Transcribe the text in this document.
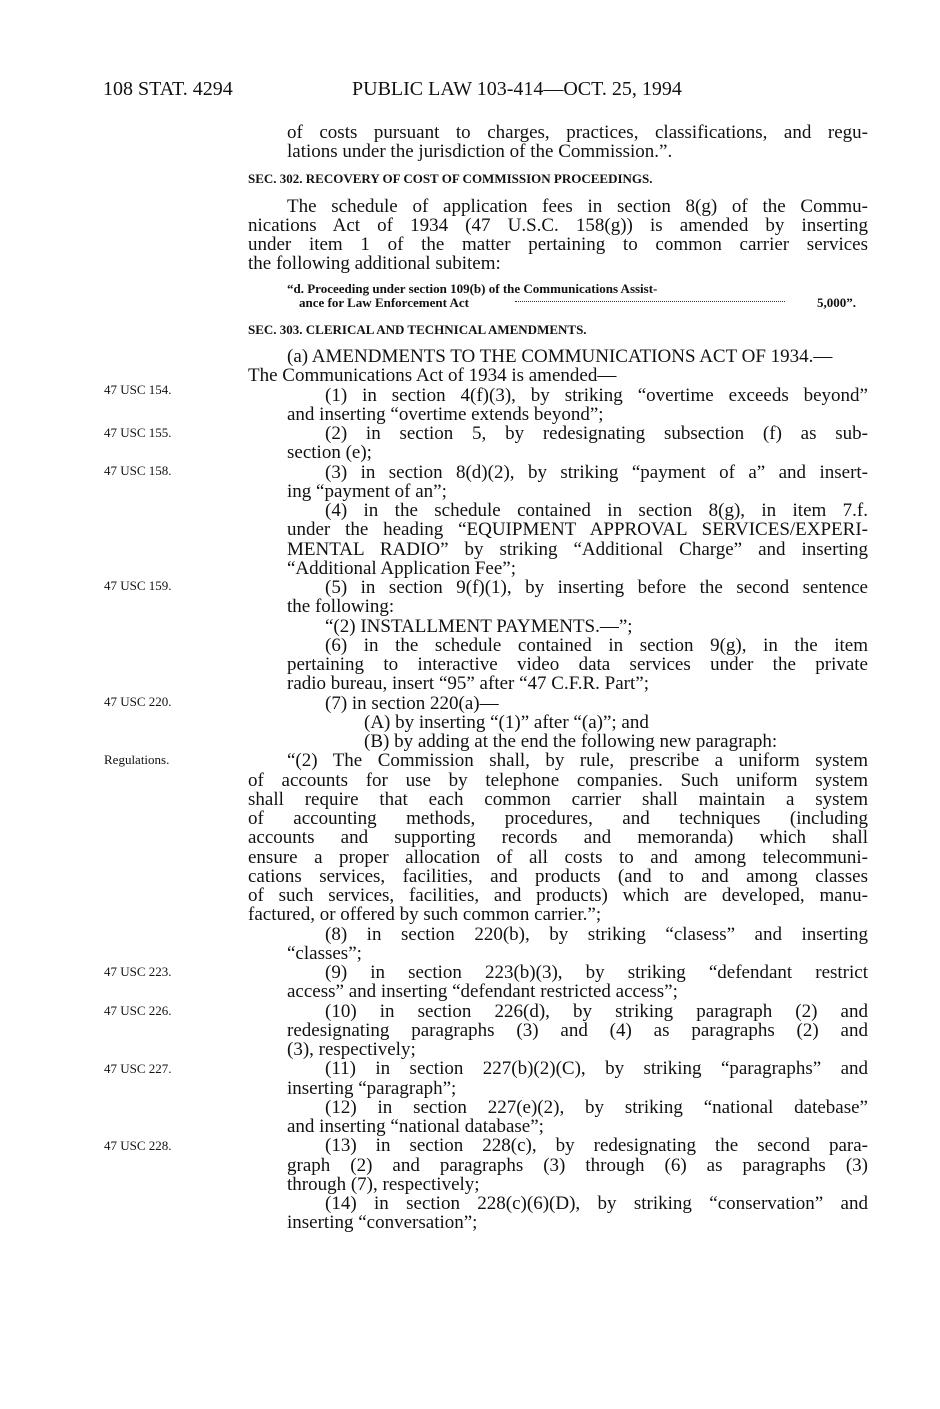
108 STAT. 4294	PUBLIC LAW 103-414—OCT. 25, 1994
47 USC 154.
47 USC 155.
47 USC 158.
47 USC 159.
47 USC 220.
Regulations.
47 USC 223.
47 USC 226.
47 USC 227.
47 USC 228.
of costs pursuant to charges, practices, classifications, and regu-
lations under the jurisdiction of the Commission.”.
SEC. 302. RECOVERY OF COST OF COMMISSION PROCEEDINGS.
The schedule of application fees in section 8(g) of the Commu-
nications Act of 1934 (47 U.S.C. 158(g)) is amended by inserting
under item 1 of the matter pertaining to common carrier services
the following additional subitem:
“d. Proceeding under section 109(b) of the Communications Assist-
ance for Law Enforcement Act	5,000”.
SEC. 303. CLERICAL AND TECHNICAL AMENDMENTS.
(a) AMENDMENTS TO THE COMMUNICATIONS ACT OF 1934.—
The Communications Act of 1934 is amended—
(1) in section 4(f)(3), by striking “overtime exceeds beyond”
and inserting “overtime extends beyond”;
(2) in section 5, by redesignating subsection (f) as sub-
section (e);
(3) in section 8(d)(2), by striking “payment of a” and insert-
ing “payment of an”;
(4) in the schedule contained in section 8(g), in item 7.f.
under the heading “EQUIPMENT APPROVAL SERVICES/EXPERI-
MENTAL RADIO” by striking “Additional Charge” and inserting
“Additional Application Fee”;
(5) in section 9(f)(1), by inserting before the second sentence
the following:
“(2) INSTALLMENT PAYMENTS.—”;
(6) in the schedule contained in section 9(g), in the item
pertaining to interactive video data services under the private
radio bureau, insert “95” after “47 C.F.R. Part”;
(7) in section 220(a)—
(A) by inserting “(1)” after “(a)”; and
(B) by adding at the end the following new paragraph:
“(2) The Commission shall, by rule, prescribe a uniform system
of accounts for use by telephone companies. Such uniform system
shall require that each common carrier shall maintain a system
of accounting methods, procedures, and techniques (including
accounts and supporting records and memoranda) which shall
ensure a proper allocation of all costs to and among telecommuni-
cations services, facilities, and products (and to and among classes
of such services, facilities, and products) which are developed, manu-
factured, or offered by such common carrier.”;
(8) in section 220(b), by striking “clasess” and inserting
“classes”;
(9) in section 223(b)(3), by striking “defendant restrict
access” and inserting “defendant restricted access”;
(10) in section 226(d), by striking paragraph (2) and
redesignating paragraphs (3) and (4) as paragraphs (2) and
(3), respectively;
(11) in section 227(b)(2)(C), by striking “paragraphs” and
inserting “paragraph”;
(12) in section 227(e)(2), by striking “national datebase”
and inserting “national database”;
(13) in section 228(c), by redesignating the second para-
graph (2) and paragraphs (3) through (6) as paragraphs (3)
through (7), respectively;
(14) in section 228(c)(6)(D), by striking “conservation” and
inserting “conversation”;
